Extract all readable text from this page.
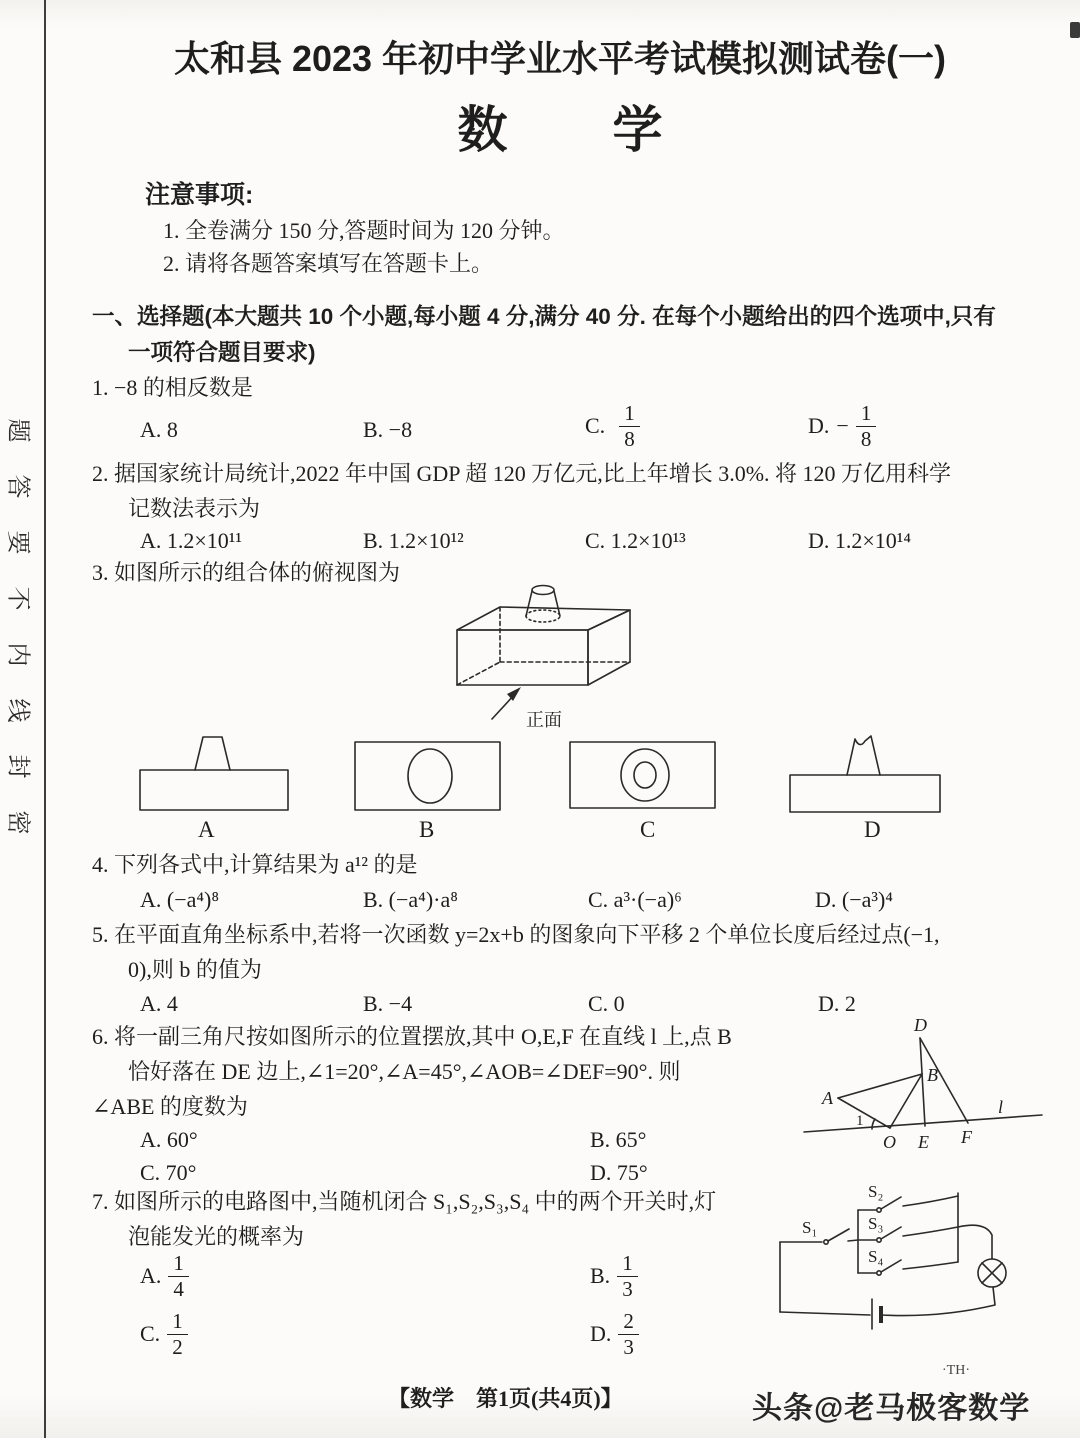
题
答
要
不
内
线
封
密
太和县 2023 年初中学业水平考试模拟测试卷(一)
数 学
注意事项:
1. 全卷满分 150 分,答题时间为 120 分钟。
2. 请将各题答案填写在答题卡上。
一、选择题(本大题共 10 个小题,每小题 4 分,满分 40 分. 在每个小题给出的四个选项中,只有
一项符合题目要求)
1. −8 的相反数是
A. 8	B. −8	C. $\frac{1}{8}$	D. − $\frac{1}{8}$
2. 据国家统计局统计,2022 年中国 GDP 超 120 万亿元,比上年增长 3.0%. 将 120 万亿用科学
记数法表示为
A. 1.2×10¹¹	B. 1.2×10¹²	C. 1.2×10¹³	D. 1.2×10¹⁴
3. 如图所示的组合体的俯视图为
正面
A	B	C	D
4. 下列各式中,计算结果为 a¹² 的是
A. (−a⁴)⁸	B. (−a⁴)·a⁸	C. a³·(−a)⁶	D. (−a³)⁴
5. 在平面直角坐标系中,若将一次函数 y=2x+b 的图象向下平移 2 个单位长度后经过点(−1,
0),则 b 的值为
A. 4	B. −4	C. 0	D. 2
6. 将一副三角尺按如图所示的位置摆放,其中 O,E,F 在直线 l 上,点 B
恰好落在 DE 边上,∠1=20°,∠A=45°,∠AOB=∠DEF=90°. 则
∠ABE 的度数为
A. 60°	B. 65°
C. 70°	D. 75°
D
B
A
1
O E F
l
7. 如图所示的电路图中,当随机闭合 S₁,S₂,S₃,S₄ 中的两个开关时,灯
泡能发光的概率为
A. $\frac{1}{4}$	B. $\frac{1}{3}$
C. $\frac{1}{2}$	D. $\frac{2}{3}$
S₁
S₂
S₃
S₄
【数学　第1页(共4页)】
·TH·
头条@老马极客数学
